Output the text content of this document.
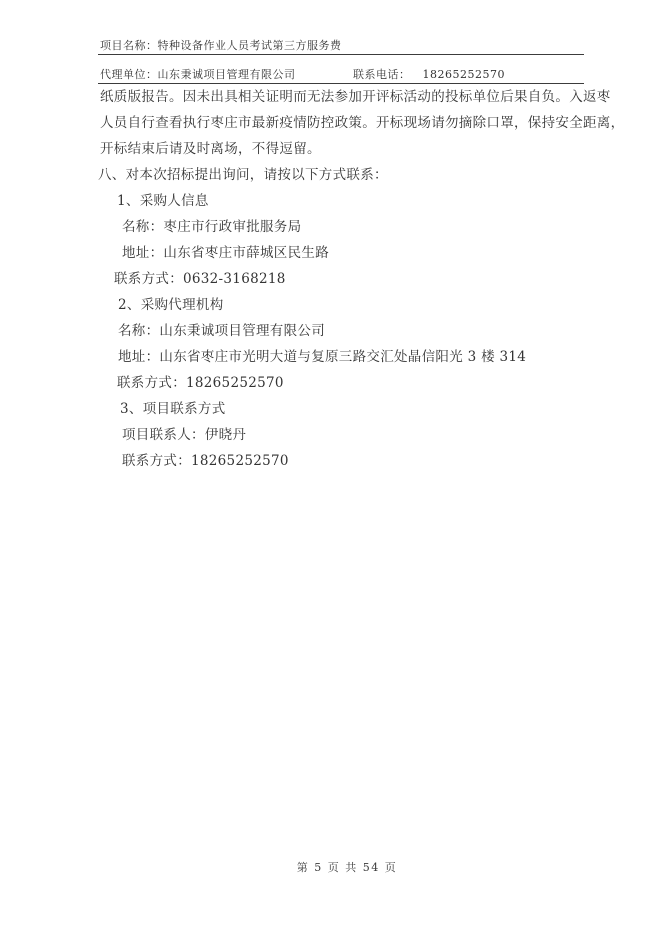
项目名称：特种设备作业人员考试第三方服务费
代理单位：山东秉诚项目管理有限公司	联系电话： 18265252570

纸质版报告。因未出具相关证明而无法参加开评标活动的投标单位后果自负。入返枣

人员自行查看执行枣庄市最新疫情防控政策。开标现场请勿摘除口罩，保持安全距离，

开标结束后请及时离场，不得逗留。

八、对本次招标提出询问，请按以下方式联系：

1、采购人信息

名称：枣庄市行政审批服务局

地址：山东省枣庄市薛城区民生路

联系方式：0632-3168218

2、采购代理机构

名称：山东秉诚项目管理有限公司

地址：山东省枣庄市光明大道与复原三路交汇处晶信阳光 3 楼 314

联系方式：18265252570

3、项目联系方式

项目联系人：伊晓丹

联系方式：18265252570

第 5 页 共 54 页
